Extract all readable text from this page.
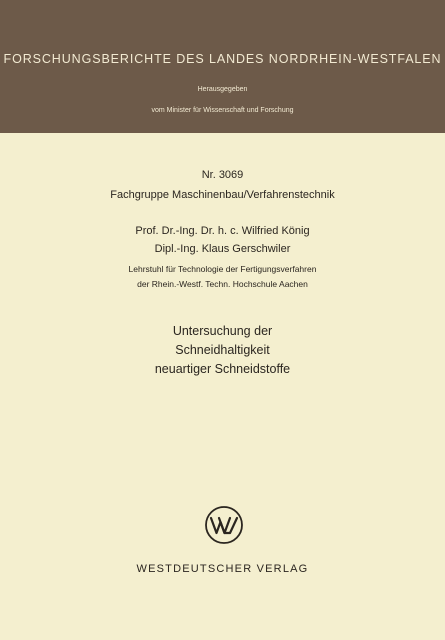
FORSCHUNGSBERICHTE DES LANDES NORDRHEIN-WESTFALEN
Herausgegeben
vom Minister für Wissenschaft und Forschung
Nr. 3069
Fachgruppe Maschinenbau/Verfahrenstechnik
Prof. Dr.-Ing. Dr. h. c. Wilfried König
Dipl.-Ing. Klaus Gerschwiler
Lehrstuhl für Technologie der Fertigungsverfahren
der Rhein.-Westf. Techn. Hochschule Aachen
Untersuchung der
Schneidhaltigkeit
neuartiger Schneidstoffe
WESTDEUTSCHER VERLAG
